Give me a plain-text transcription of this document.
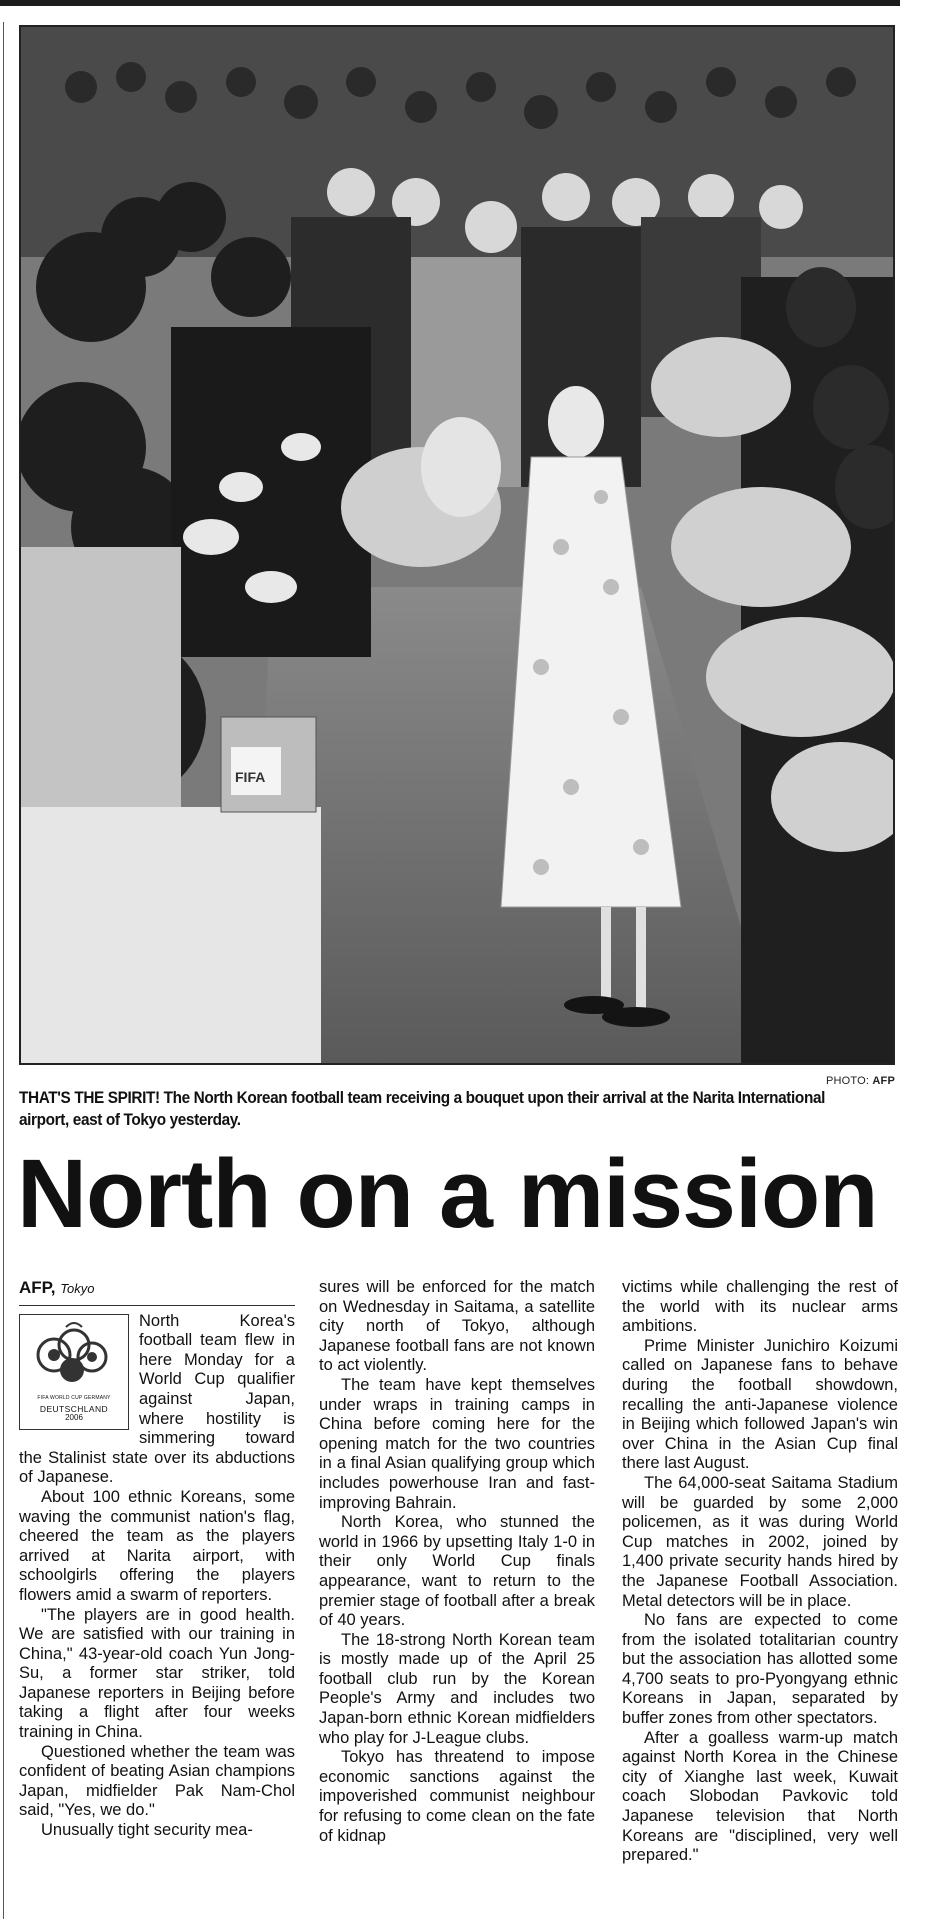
FIFA
PHOTO: AFP
THAT'S THE SPIRIT! The North Korean football team receiving a bouquet upon their arrival at the Narita International airport, east of Tokyo yesterday.
North on a mission
AFP, Tokyo
FIFA WORLD CUP GERMANY
DEUTSCHLAND
2006

North Korea's football team flew in here Monday for a World Cup qualifier against Japan, where hostility is simmering toward the Stalinist state over its abductions of Japanese.

About 100 ethnic Koreans, some waving the communist nation's flag, cheered the team as the players arrived at Narita airport, with schoolgirls offering the players flowers amid a swarm of reporters.

"The players are in good health. We are satisfied with our training in China," 43-year-old coach Yun Jong-Su, a former star striker, told Japanese reporters in Beijing before taking a flight after four weeks training in China.

Questioned whether the team was confident of beating Asian champions Japan, midfielder Pak Nam-Chol said, "Yes, we do."

Unusually tight security mea-

sures will be enforced for the match on Wednesday in Saitama, a satellite city north of Tokyo, although Japanese football fans are not known to act violently.

The team have kept themselves under wraps in training camps in China before coming here for the opening match for the two countries in a final Asian qualifying group which includes powerhouse Iran and fast-improving Bahrain.

North Korea, who stunned the world in 1966 by upsetting Italy 1-0 in their only World Cup finals appearance, want to return to the premier stage of football after a break of 40 years.

The 18-strong North Korean team is mostly made up of the April 25 football club run by the Korean People's Army and includes two Japan-born ethnic Korean midfielders who play for J-League clubs.

Tokyo has threatend to impose economic sanctions against the impoverished communist neighbour for refusing to come clean on the fate of kidnap

victims while challenging the rest of the world with its nuclear arms ambitions.

Prime Minister Junichiro Koizumi called on Japanese fans to behave during the football showdown, recalling the anti-Japanese violence in Beijing which followed Japan's win over China in the Asian Cup final there last August.

The 64,000-seat Saitama Stadium will be guarded by some 2,000 policemen, as it was during World Cup matches in 2002, joined by 1,400 private security hands hired by the Japanese Football Association. Metal detectors will be in place.

No fans are expected to come from the isolated totalitarian country but the association has allotted some 4,700 seats to pro-Pyongyang ethnic Koreans in Japan, separated by buffer zones from other spectators.

After a goalless warm-up match against North Korea in the Chinese city of Xianghe last week, Kuwait coach Slobodan Pavkovic told Japanese television that North Koreans are "disciplined, very well prepared."
